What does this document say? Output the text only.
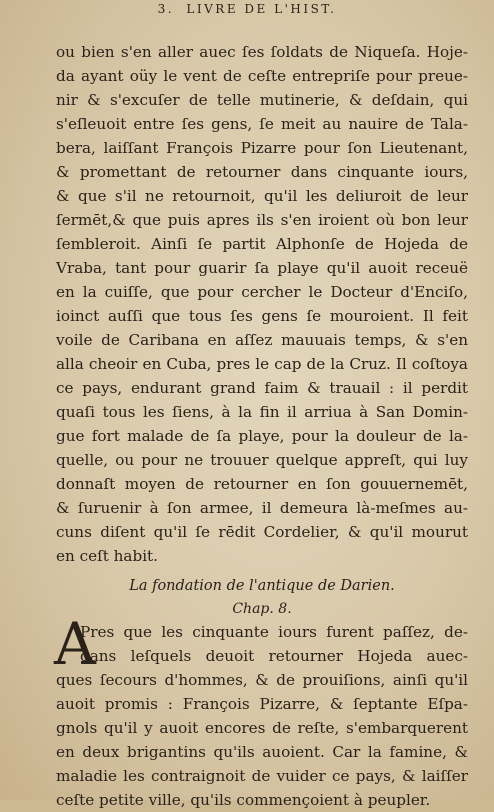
3. LIVRE DE L'HIST.
ou bien s'en aller auec ſes ſoldats de Niqueſa. Hoje-
da ayant oüy le vent de ceſte entrepriſe pour preue-
nir & s'excuſer de telle mutinerie, & deſdain, qui
s'eſleuoit entre ſes gens, ſe meit au nauire de Tala-
bera, laiſſant François Pizarre pour ſon Lieutenant,
& promettant de retourner dans cinquante iours,
& que s'il ne retournoit, qu'il les deliuroit de leur
ſermēt,& que puis apres ils s'en iroient où bon leur
ſembleroit. Ainſi ſe partit Alphonſe de Hojeda de
Vraba, tant pour guarir ſa playe qu'il auoit receuë
en la cuiſſe, que pour cercher le Docteur d'Enciſo,
ioinct auſſi que tous ſes gens ſe mouroient. Il feit
voile de Caribana en aſſez mauuais temps, & s'en
alla cheoir en Cuba, pres le cap de la Cruz. Il coſtoya
ce pays, endurant grand faim & trauail : il perdit
quaſi tous les ſiens, à la fin il arriua à San Domin-
gue fort malade de ſa playe, pour la douleur de la-
quelle, ou pour ne trouuer quelque appreſt, qui luy
donnaſt moyen de retourner en ſon gouuernemēt,
& ſuruenir à ſon armee, il demeura là-meſmes au-
cuns diſent qu'il ſe rēdit Cordelier, & qu'il mourut
en ceſt habit.
La fondation de l'antique de Darien.
Chap. 8.
A
Pres que les cinquante iours furent paſſez, de-
dans leſquels deuoit retourner Hojeda auec-
ques ſecours d'hommes, & de prouiſions, ainſi qu'il
auoit promis : François Pizarre, & ſeptante Eſpa-
gnols qu'il y auoit encores de reſte, s'embarquerent
en deux brigantins qu'ils auoient. Car la famine, &
maladie les contraignoit de vuider ce pays, & laiſſer
ceſte petite ville, qu'ils commençoient à peupler.
